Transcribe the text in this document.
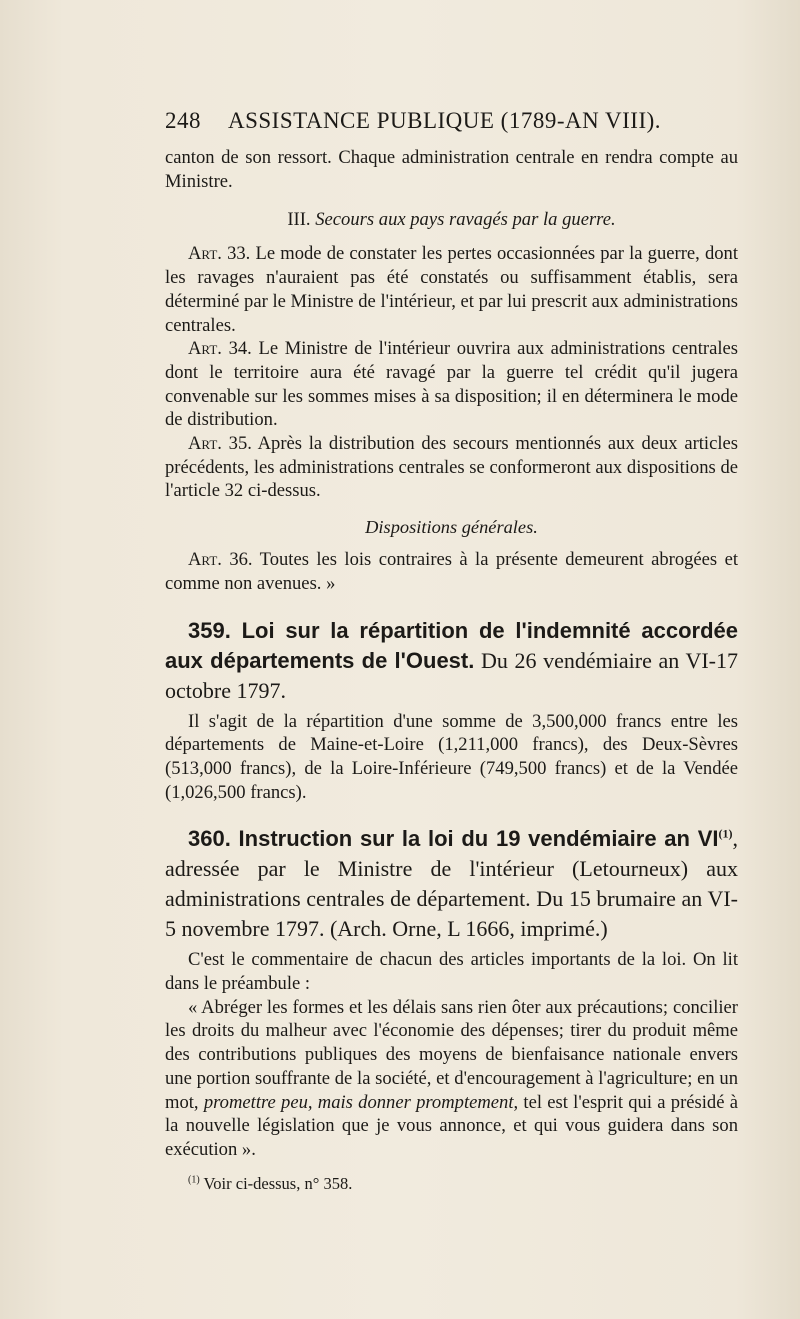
248 ASSISTANCE PUBLIQUE (1789-AN VIII).

canton de son ressort. Chaque administration centrale en rendra compte au Ministre.

III. Secours aux pays ravagés par la guerre.

Art. 33. Le mode de constater les pertes occasionnées par la guerre, dont les ravages n'auraient pas été constatés ou suffisamment établis, sera déterminé par le Ministre de l'intérieur, et par lui prescrit aux administrations centrales.

Art. 34. Le Ministre de l'intérieur ouvrira aux administrations centrales dont le territoire aura été ravagé par la guerre tel crédit qu'il jugera convenable sur les sommes mises à sa disposition; il en déterminera le mode de distribution.

Art. 35. Après la distribution des secours mentionnés aux deux articles précédents, les administrations centrales se conformeront aux dispositions de l'article 32 ci-dessus.

Dispositions générales.

Art. 36. Toutes les lois contraires à la présente demeurent abrogées et comme non avenues. »

359. Loi sur la répartition de l'indemnité accordée aux départements de l'Ouest. Du 26 vendémiaire an VI-17 octobre 1797.

Il s'agit de la répartition d'une somme de 3,500,000 francs entre les départements de Maine-et-Loire (1,211,000 francs), des Deux-Sèvres (513,000 francs), de la Loire-Inférieure (749,500 francs) et de la Vendée (1,026,500 francs).

360. Instruction sur la loi du 19 vendémiaire an VI$^{(1)}$, adressée par le Ministre de l'intérieur (Letourneux) aux administrations centrales de département. Du 15 brumaire an VI-5 novembre 1797. (Arch. Orne, L 1666, imprimé.)

C'est le commentaire de chacun des articles importants de la loi. On lit dans le préambule :

« Abréger les formes et les délais sans rien ôter aux précautions; concilier les droits du malheur avec l'économie des dépenses; tirer du produit même des contributions publiques des moyens de bienfaisance nationale envers une portion souffrante de la société, et d'encouragement à l'agriculture; en un mot, promettre peu, mais donner promptement, tel est l'esprit qui a présidé à la nouvelle législation que je vous annonce, et qui vous guidera dans son exécution ».

$^{(1)}$ Voir ci-dessus, n° 358.
